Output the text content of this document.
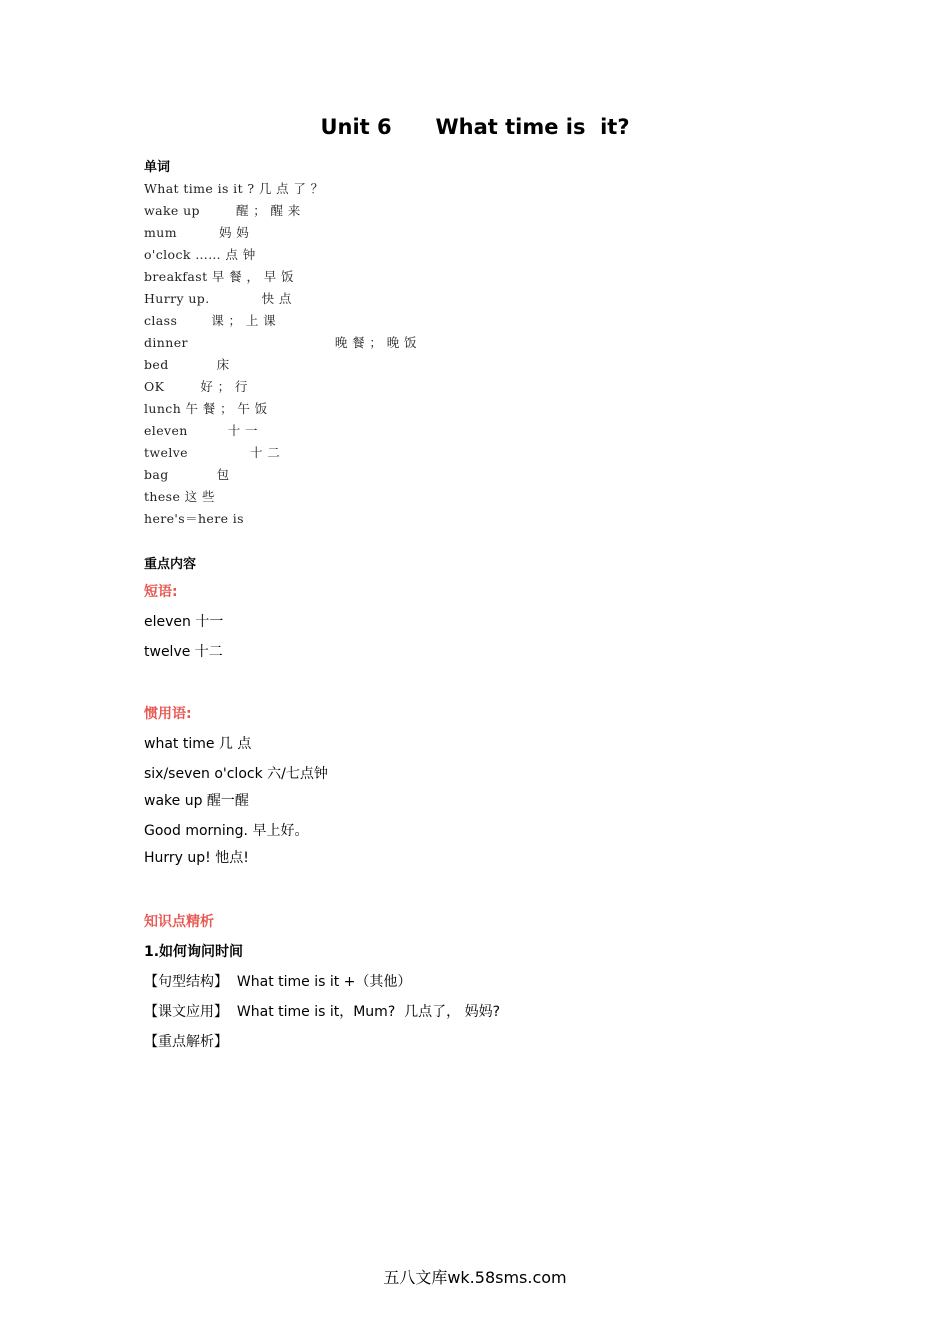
Unit 6      What time is  it?
单词
What time is it ? 几 点 了 ？
wake up	醒 ； 醒 来
mum	妈 妈
o'clock …… 点 钟
breakfast 早 餐 ， 早 饭
Hurry up.	快 点
class	课 ； 上 课
dinner	晚 餐 ； 晚 饭
bed	床
OK	好 ； 行
lunch 午 餐 ； 午 饭
eleven	十 一
twelve	十 二
bag	包
these 这 些
here's＝here is
重点内容
短语:
eleven 十一
twelve 十二
惯用语:
what time 几 点
six/seven o'clock 六/七点钟
wake up 醒一醒
Good morning. 早上好。
Hurry up! 忚点!
知识点精析
1.如何询问时间
【句型结构】 What time is it +（其他）
【课文应用】 What time is it，Mum?  几点了， 妈妈?
【重点解析】
五八文库wk.58sms.com
